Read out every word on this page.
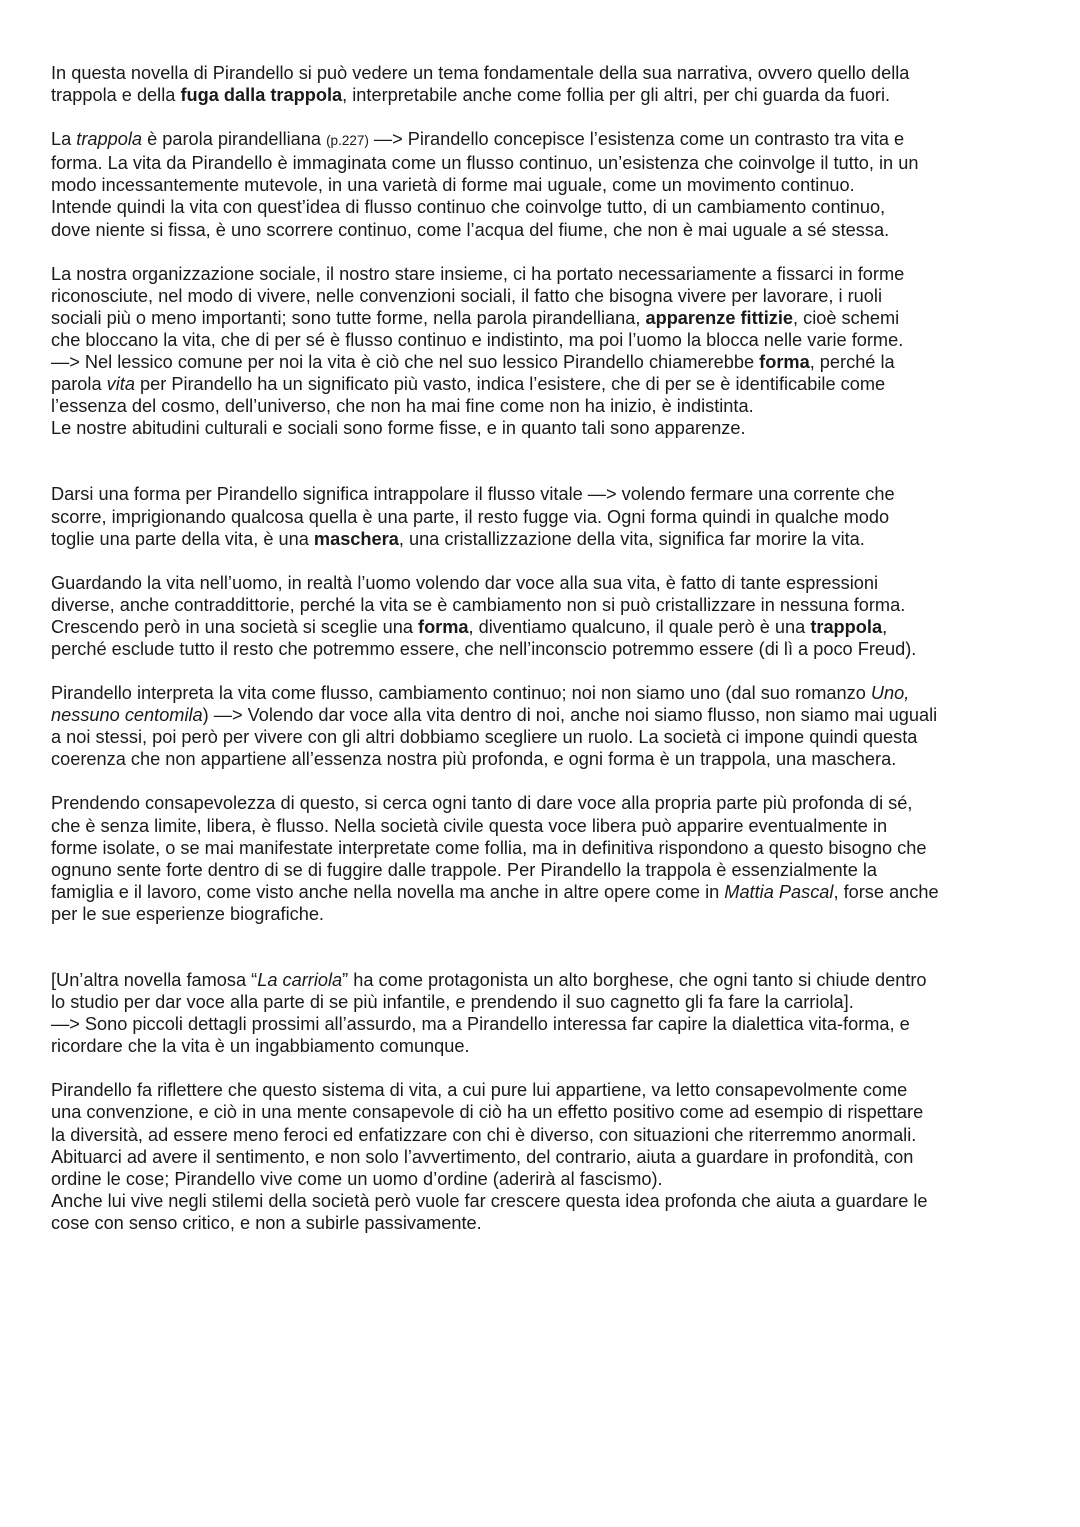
In questa novella di Pirandello si può vedere un tema fondamentale della sua narrativa, ovvero quello della
trappola e della fuga dalla trappola, interpretabile anche come follia per gli altri, per chi guarda da fuori.
La trappola è parola pirandelliana (p.227) —> Pirandello concepisce l’esistenza come un contrasto tra vita e
forma. La vita da Pirandello è immaginata come un flusso continuo, un’esistenza che coinvolge il tutto, in un
modo incessantemente mutevole, in una varietà di forme mai uguale, come un movimento continuo.
Intende quindi la vita con quest’idea di flusso continuo che coinvolge tutto, di un cambiamento continuo,
dove niente si fissa, è uno scorrere continuo, come l’acqua del fiume, che non è mai uguale a sé stessa.
La nostra organizzazione sociale, il nostro stare insieme, ci ha portato necessariamente a fissarci in forme
riconosciute, nel modo di vivere, nelle convenzioni sociali, il fatto che bisogna vivere per lavorare, i ruoli
sociali più o meno importanti; sono tutte forme, nella parola pirandelliana, apparenze fittizie, cioè schemi
che bloccano la vita, che di per sé è flusso continuo e indistinto, ma poi l’uomo la blocca nelle varie forme.
—> Nel lessico comune per noi la vita è ciò che nel suo lessico Pirandello chiamerebbe forma, perché la
parola vita per Pirandello ha un significato più vasto, indica l’esistere, che di per se è identificabile come
l’essenza del cosmo, dell’universo, che non ha mai fine come non ha inizio, è indistinta.
Le nostre abitudini culturali e sociali sono forme fisse, e in quanto tali sono apparenze.
Darsi una forma per Pirandello significa intrappolare il flusso vitale —> volendo fermare una corrente che
scorre, imprigionando qualcosa quella è una parte, il resto fugge via. Ogni forma quindi in qualche modo
toglie una parte della vita, è una maschera, una cristallizzazione della vita, significa far morire la vita.
Guardando la vita nell’uomo, in realtà l’uomo volendo dar voce alla sua vita, è fatto di tante espressioni
diverse, anche contraddittorie, perché la vita se è cambiamento non si può cristallizzare in nessuna forma.
Crescendo però in una società si sceglie una forma, diventiamo qualcuno, il quale però è una trappola,
perché esclude tutto il resto che potremmo essere, che nell’inconscio potremmo essere (di lì a poco Freud).
Pirandello interpreta la vita come flusso, cambiamento continuo; noi non siamo uno (dal suo romanzo Uno,
nessuno centomila) —> Volendo dar voce alla vita dentro di noi, anche noi siamo flusso, non siamo mai uguali
a noi stessi, poi però per vivere con gli altri dobbiamo scegliere un ruolo. La società ci impone quindi questa
coerenza che non appartiene all’essenza nostra più profonda, e ogni forma è un trappola, una maschera.
Prendendo consapevolezza di questo, si cerca ogni tanto di dare voce alla propria parte più profonda di sé,
che è senza limite, libera, è flusso. Nella società civile questa voce libera può apparire eventualmente in
forme isolate, o se mai manifestate interpretate come follia, ma in definitiva rispondono a questo bisogno che
ognuno sente forte dentro di se di fuggire dalle trappole. Per Pirandello la trappola è essenzialmente la
famiglia e il lavoro, come visto anche nella novella ma anche in altre opere come in Mattia Pascal, forse anche
per le sue esperienze biografiche.
[Un’altra novella famosa “La carriola” ha come protagonista un alto borghese, che ogni tanto si chiude dentro
lo studio per dar voce alla parte di se più infantile, e prendendo il suo cagnetto gli fa fare la carriola].
—> Sono piccoli dettagli prossimi all’assurdo, ma a Pirandello interessa far capire la dialettica vita-forma, e
ricordare che la vita è un ingabbiamento comunque.
Pirandello fa riflettere che questo sistema di vita, a cui pure lui appartiene, va letto consapevolmente come
una convenzione, e ciò in una mente consapevole di ciò ha un effetto positivo come ad esempio di rispettare
la diversità, ad essere meno feroci ed enfatizzare con chi è diverso, con situazioni che riterremmo anormali.
Abituarci ad avere il sentimento, e non solo l’avvertimento, del contrario, aiuta a guardare in profondità, con
ordine le cose; Pirandello vive come un uomo d’ordine (aderirà al fascismo).
Anche lui vive negli stilemi della società però vuole far crescere questa idea profonda che aiuta a guardare le
cose con senso critico, e non a subirle passivamente.
